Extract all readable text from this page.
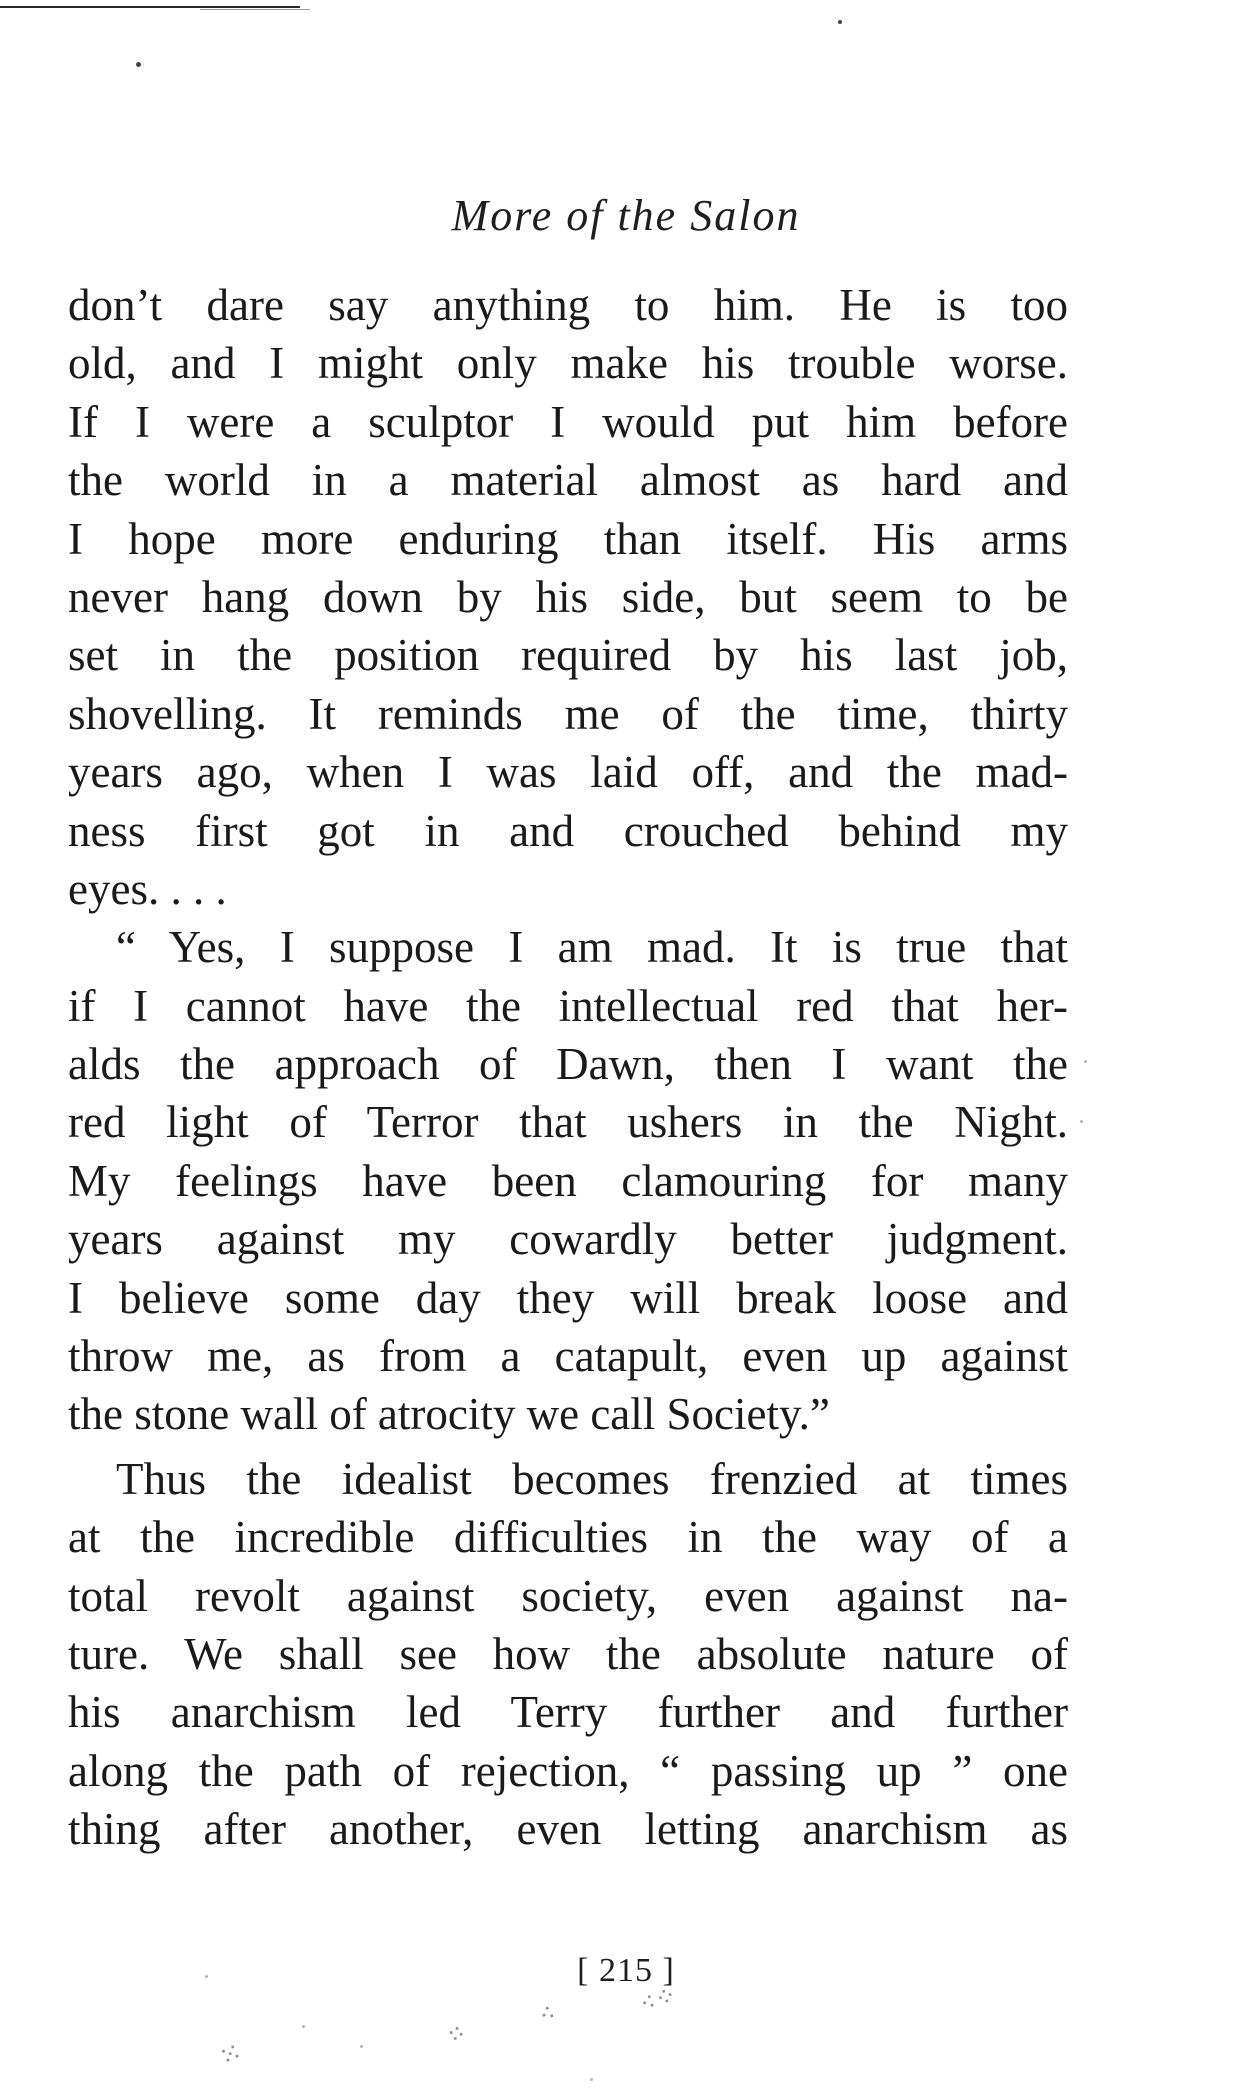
More of the Salon
don’t dare say anything to him. He is too
old, and I might only make his trouble worse.
If I were a sculptor I would put him before
the world in a material almost as hard and
I hope more enduring than itself. His arms
never hang down by his side, but seem to be
set in the position required by his last job,
shovelling. It reminds me of the time, thirty
years ago, when I was laid off, and the mad-
ness first got in and crouched behind my
eyes. . . .
“ Yes, I suppose I am mad. It is true that
if I cannot have the intellectual red that her-
alds the approach of Dawn, then I want the
red light of Terror that ushers in the Night.
My feelings have been clamouring for many
years against my cowardly better judgment.
I believe some day they will break loose and
throw me, as from a catapult, even up against
the stone wall of atrocity we call Society.”
Thus the idealist becomes frenzied at times
at the incredible difficulties in the way of a
total revolt against society, even against na-
ture. We shall see how the absolute nature of
his anarchism led Terry further and further
along the path of rejection, “ passing up ” one
thing after another, even letting anarchism as
[ 215 ]
⁖⁘
⁙
⁘
⁖
